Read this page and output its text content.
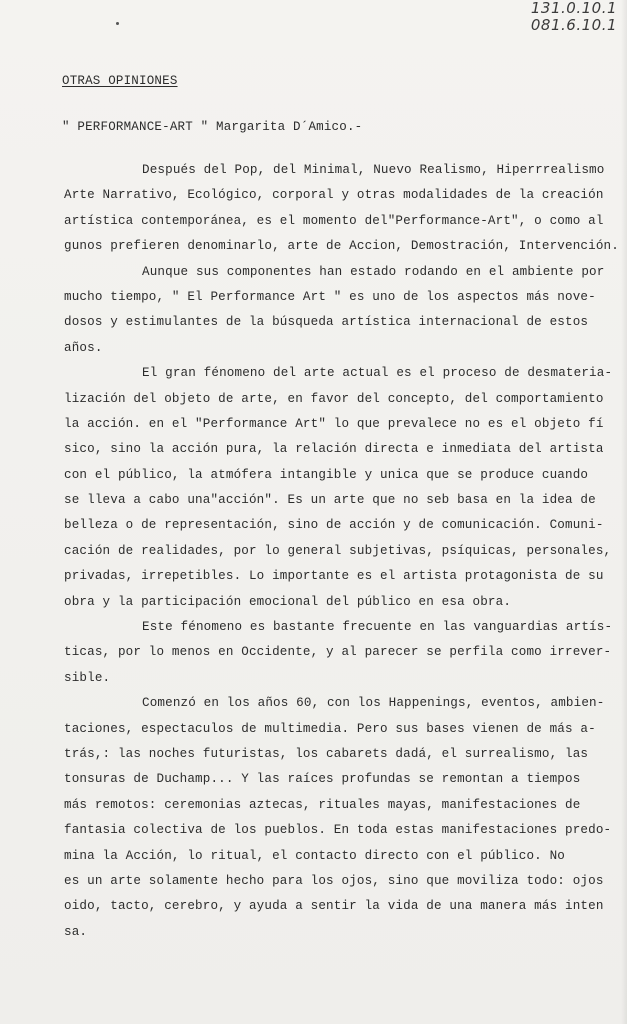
131.0.10.1
081.6.10.1
OTRAS OPINIONES
" PERFORMANCE-ART " Margarita D´Amico.-
Después del Pop, del Minimal, Nuevo Realismo, Hiperrrealismo
Arte Narrativo, Ecológico, corporal y otras modalidades de la creación
artística contemporánea, es el momento del"Performance-Art", o como al
gunos prefieren denominarlo, arte de Accion, Demostración, Intervención.
Aunque sus componentes han estado rodando en el ambiente por
mucho tiempo, " El Performance Art " es uno de los aspectos más nove-
dosos y estimulantes de la búsqueda artística internacional de estos
años.
El gran fénomeno del arte actual es el proceso de desmateria-
lización del objeto de arte, en favor del concepto, del comportamiento
la acción. en el "Performance Art" lo que prevalece no es el objeto fí
sico, sino la acción pura, la relación directa e inmediata del artista
con el público, la atmófera intangible y unica que se produce cuando
se lleva a cabo una"acción". Es un arte que no seb basa en la idea de
belleza o de representación, sino de acción y de comunicación. Comuni-
cación de realidades, por lo general subjetivas, psíquicas, personales,
privadas, irrepetibles. Lo importante es el artista protagonista de su
obra y la participación emocional del público en esa obra.
Este fénomeno es bastante frecuente en las vanguardias artís-
ticas, por lo menos en Occidente, y al parecer se perfila como irrever-
sible.
Comenzó en los años 60, con los Happenings, eventos, ambien-
taciones, espectaculos de multimedia. Pero sus bases vienen de más a-
trás,: las noches futuristas, los cabarets dadá, el surrealismo, las
tonsuras de Duchamp... Y las raíces profundas se remontan a tiempos
más remotos: ceremonias aztecas, rituales mayas, manifestaciones de
fantasia colectiva de los pueblos. En toda estas manifestaciones predo-
mina la Acción, lo ritual, el contacto directo con el público. No
es un arte solamente hecho para los ojos, sino que moviliza todo: ojos
oido, tacto, cerebro, y ayuda a sentir la vida de una manera más inten
sa.
